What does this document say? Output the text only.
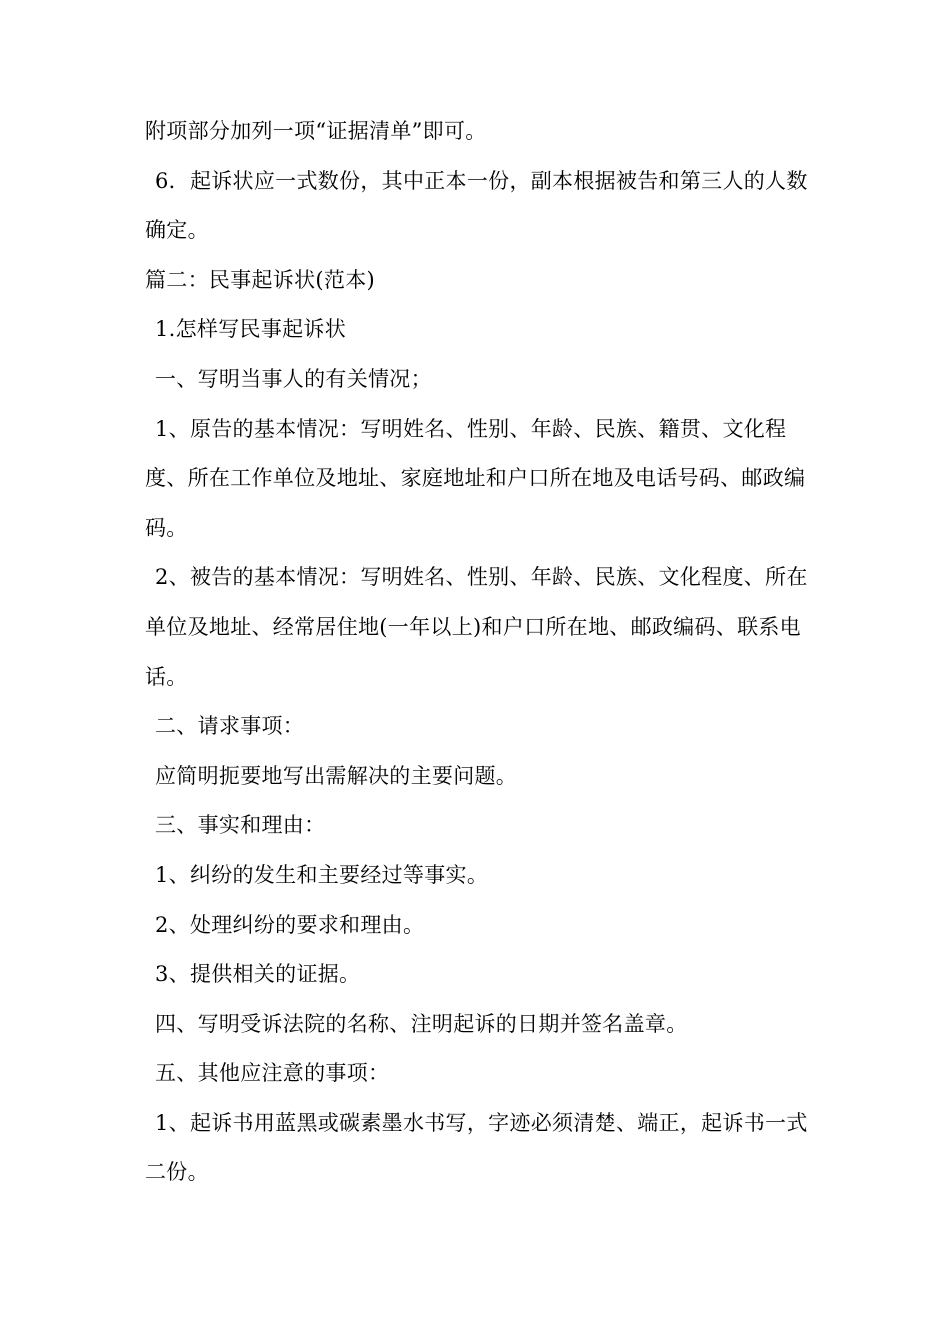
附项部分加列一项“证据清单”即可。

6．起诉状应一式数份，其中正本一份，副本根据被告和第三人的人数确定。

篇二：民事起诉状(范本)

1.怎样写民事起诉状

一、写明当事人的有关情况；

1、原告的基本情况：写明姓名、性别、年龄、民族、籍贯、文化程度、所在工作单位及地址、家庭地址和户口所在地及电话号码、邮政编码。

2、被告的基本情况：写明姓名、性别、年龄、民族、文化程度、所在单位及地址、经常居住地(一年以上)和户口所在地、邮政编码、联系电话。

二、请求事项：

应简明扼要地写出需解决的主要问题。

三、事实和理由：

1、纠纷的发生和主要经过等事实。

2、处理纠纷的要求和理由。

3、提供相关的证据。

四、写明受诉法院的名称、注明起诉的日期并签名盖章。

五、其他应注意的事项：

1、起诉书用蓝黑或碳素墨水书写，字迹必须清楚、端正，起诉书一式二份。
